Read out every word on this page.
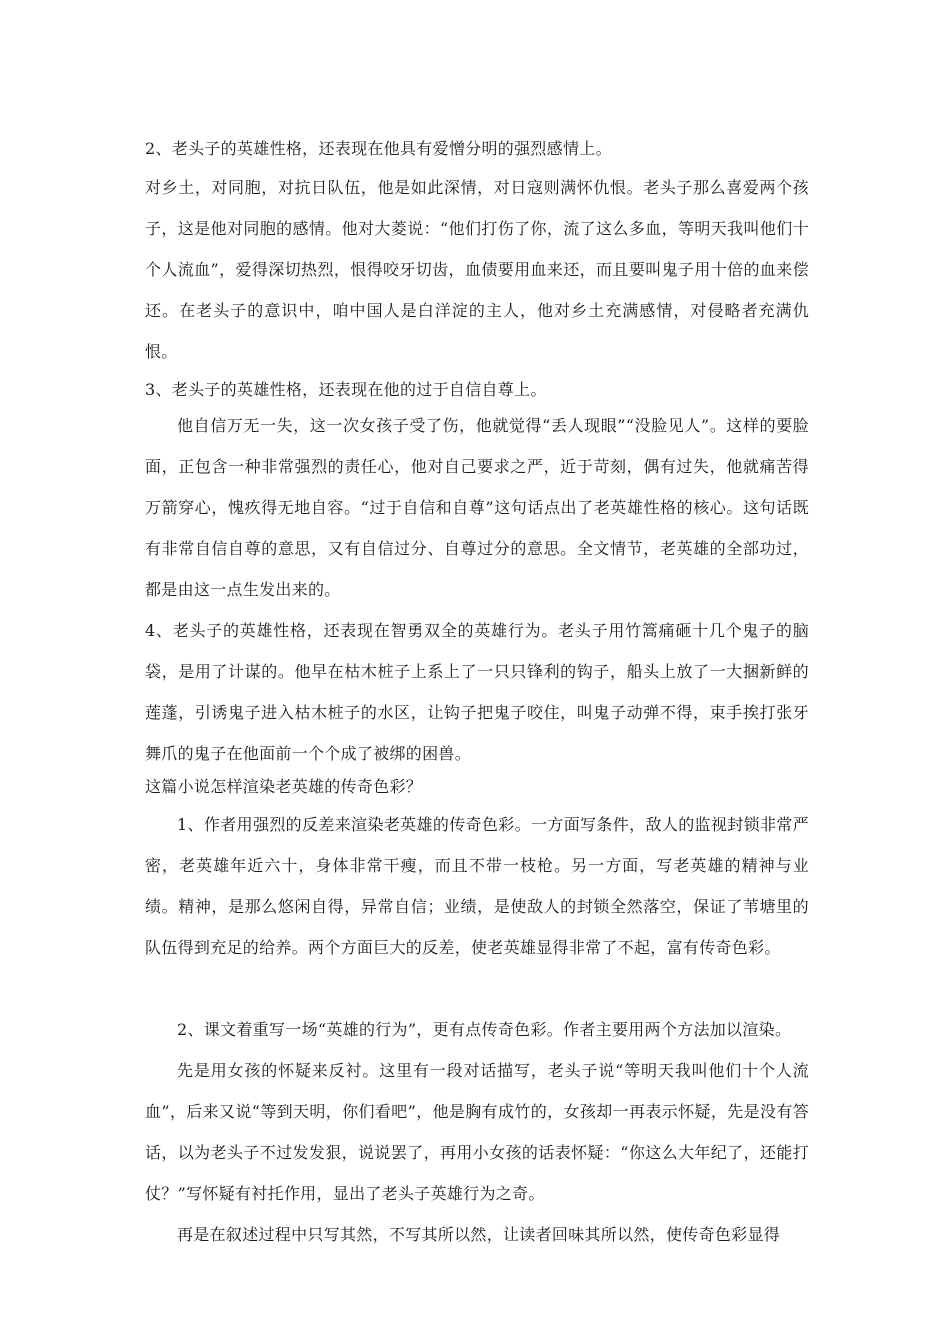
2、老头子的英雄性格，还表现在他具有爱憎分明的强烈感情上。

对乡土，对同胞，对抗日队伍，他是如此深情，对日寇则满怀仇恨。老头子那么喜爱两个孩子，这是他对同胞的感情。他对大菱说：“他们打伤了你，流了这么多血，等明天我叫他们十个人流血”，爱得深切热烈，恨得咬牙切齿，血债要用血来还，而且要叫鬼子用十倍的血来偿还。在老头子的意识中，咱中国人是白洋淀的主人，他对乡土充满感情，对侵略者充满仇恨。

3、老头子的英雄性格，还表现在他的过于自信自尊上。

他自信万无一失，这一次女孩子受了伤，他就觉得“丢人现眼”“没脸见人”。这样的要脸面，正包含一种非常强烈的责任心，他对自己要求之严，近于苛刻，偶有过失，他就痛苦得万箭穿心，愧疚得无地自容。“过于自信和自尊”这句话点出了老英雄性格的核心。这句话既有非常自信自尊的意思，又有自信过分、自尊过分的意思。全文情节，老英雄的全部功过，都是由这一点生发出来的。

4、老头子的英雄性格，还表现在智勇双全的英雄行为。老头子用竹篙痛砸十几个鬼子的脑袋，是用了计谋的。他早在枯木桩子上系上了一只只锋利的钩子，船头上放了一大捆新鲜的莲蓬，引诱鬼子进入枯木桩子的水区，让钩子把鬼子咬住，叫鬼子动弹不得，束手挨打张牙舞爪的鬼子在他面前一个个成了被绑的困兽。

这篇小说怎样渲染老英雄的传奇色彩？

1、作者用强烈的反差来渲染老英雄的传奇色彩。一方面写条件，敌人的监视封锁非常严密，老英雄年近六十，身体非常干瘦，而且不带一枝枪。另一方面，写老英雄的精神与业绩。精神，是那么悠闲自得，异常自信；业绩，是使敌人的封锁全然落空，保证了苇塘里的队伍得到充足的给养。两个方面巨大的反差，使老英雄显得非常了不起，富有传奇色彩。

2、课文着重写一场“英雄的行为”，更有点传奇色彩。作者主要用两个方法加以渲染。

先是用女孩的怀疑来反衬。这里有一段对话描写，老头子说“等明天我叫他们十个人流血”，后来又说“等到天明，你们看吧”，他是胸有成竹的，女孩却一再表示怀疑，先是没有答话，以为老头子不过发发狠，说说罢了，再用小女孩的话表怀疑：“你这么大年纪了，还能打仗？”写怀疑有衬托作用，显出了老头子英雄行为之奇。

再是在叙述过程中只写其然，不写其所以然，让读者回味其所以然，使传奇色彩显得
